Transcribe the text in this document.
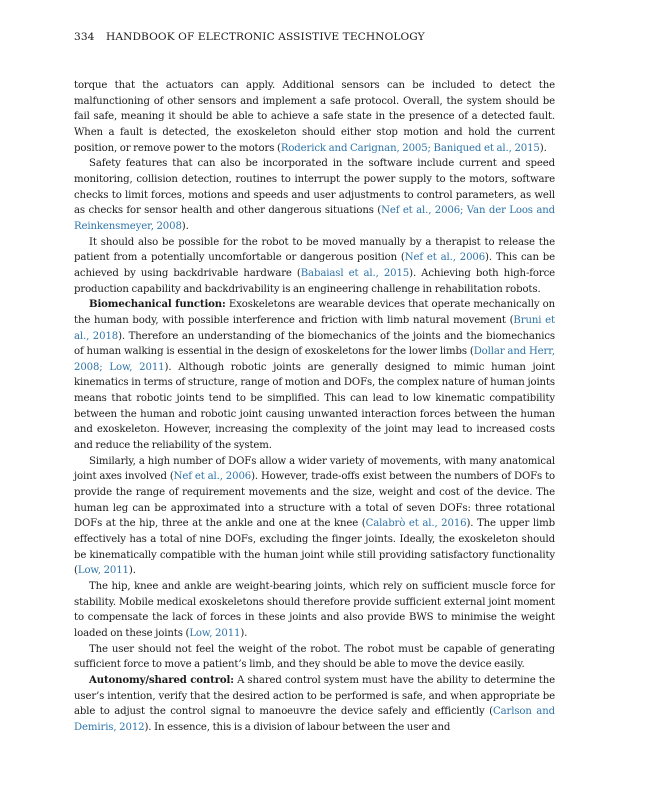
334 HANDBOOK OF ELECTRONIC ASSISTIVE TECHNOLOGY

torque that the actuators can apply. Additional sensors can be included to detect the malfunctioning of other sensors and implement a safe protocol. Overall, the system should be fail safe, meaning it should be able to achieve a safe state in the presence of a detected fault. When a fault is detected, the exoskeleton should either stop motion and hold the current position, or remove power to the motors (Roderick and Carignan, 2005; Baniqued et al., 2015).

Safety features that can also be incorporated in the software include current and speed monitoring, collision detection, routines to interrupt the power supply to the motors, software checks to limit forces, motions and speeds and user adjustments to control parameters, as well as checks for sensor health and other dangerous situations (Nef et al., 2006; Van der Loos and Reinkensmeyer, 2008).

It should also be possible for the robot to be moved manually by a therapist to release the patient from a potentially uncomfortable or dangerous position (Nef et al., 2006). This can be achieved by using backdrivable hardware (Babaiasl et al., 2015). Achieving both high-force production capability and backdrivability is an engineering challenge in rehabilitation robots.

Biomechanical function: Exoskeletons are wearable devices that operate mechanically on the human body, with possible interference and friction with limb natural movement (Bruni et al., 2018). Therefore an understanding of the biomechanics of the joints and the biomechanics of human walking is essential in the design of exoskeletons for the lower limbs (Dollar and Herr, 2008; Low, 2011). Although robotic joints are generally designed to mimic human joint kinematics in terms of structure, range of motion and DOFs, the complex nature of human joints means that robotic joints tend to be simplified. This can lead to low kinematic compatibility between the human and robotic joint causing unwanted interaction forces between the human and exoskeleton. However, increasing the complexity of the joint may lead to increased costs and reduce the reliability of the system.

Similarly, a high number of DOFs allow a wider variety of movements, with many anatomical joint axes involved (Nef et al., 2006). However, trade-offs exist between the numbers of DOFs to provide the range of requirement movements and the size, weight and cost of the device. The human leg can be approximated into a structure with a total of seven DOFs: three rotational DOFs at the hip, three at the ankle and one at the knee (Calabrò et al., 2016). The upper limb effectively has a total of nine DOFs, excluding the finger joints. Ideally, the exoskeleton should be kinematically compatible with the human joint while still providing satisfactory functionality (Low, 2011).

The hip, knee and ankle are weight-bearing joints, which rely on sufficient muscle force for stability. Mobile medical exoskeletons should therefore provide sufficient external joint moment to compensate the lack of forces in these joints and also provide BWS to minimise the weight loaded on these joints (Low, 2011).

The user should not feel the weight of the robot. The robot must be capable of generating sufficient force to move a patient’s limb, and they should be able to move the device easily.

Autonomy/shared control: A shared control system must have the ability to determine the user’s intention, verify that the desired action to be performed is safe, and when appropriate be able to adjust the control signal to manoeuvre the device safely and efficiently (Carlson and Demiris, 2012). In essence, this is a division of labour between the user and
